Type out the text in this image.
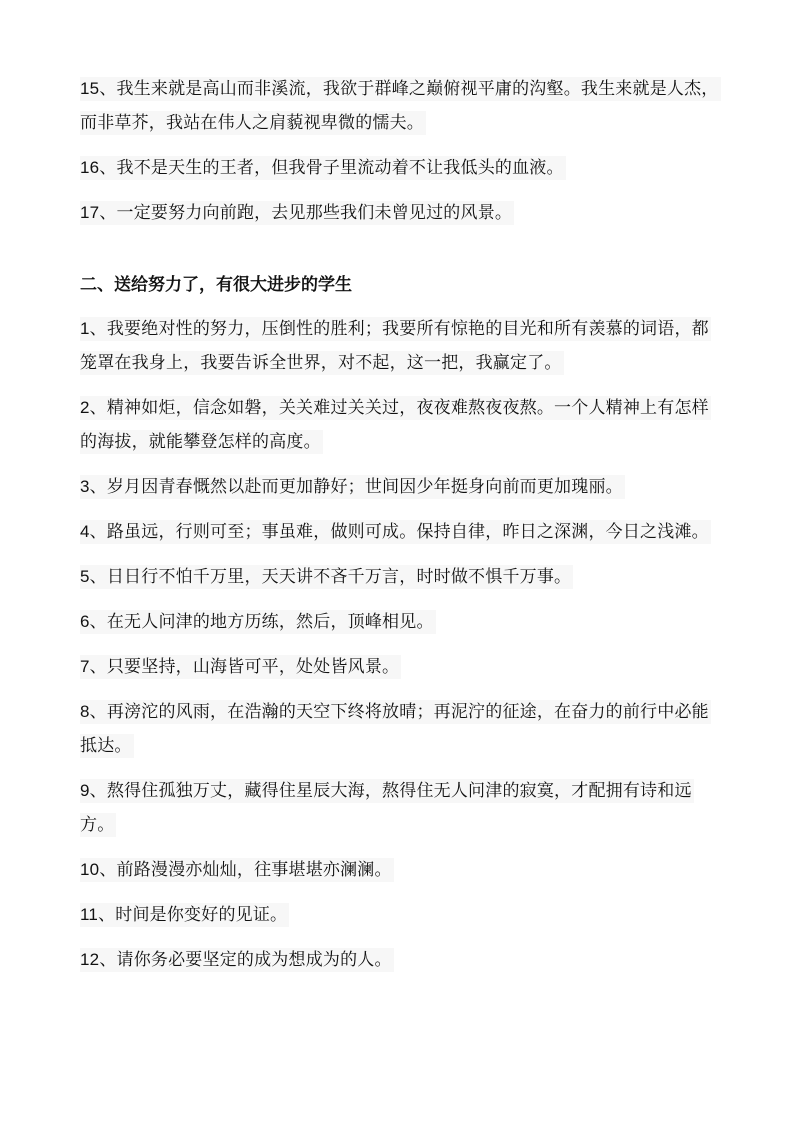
15、我生来就是高山而非溪流，我欲于群峰之巅俯视平庸的沟壑。我生来就是人杰，而非草芥，我站在伟人之肩藐视卑微的懦夫。

16、我不是天生的王者，但我骨子里流动着不让我低头的血液。

17、一定要努力向前跑，去见那些我们未曾见过的风景。

二、送给努力了，有很大进步的学生

1、我要绝对性的努力，压倒性的胜利；我要所有惊艳的目光和所有羡慕的词语，都笼罩在我身上，我要告诉全世界，对不起，这一把，我赢定了。

2、精神如炬，信念如磐，关关难过关关过，夜夜难熬夜夜熬。一个人精神上有怎样的海拔，就能攀登怎样的高度。

3、岁月因青春慨然以赴而更加静好；世间因少年挺身向前而更加瑰丽。

4、路虽远，行则可至；事虽难，做则可成。保持自律，昨日之深渊，今日之浅滩。

5、日日行不怕千万里，天天讲不吝千万言，时时做不惧千万事。

6、在无人问津的地方历练，然后，顶峰相见。

7、只要坚持，山海皆可平，处处皆风景。

8、再滂沱的风雨，在浩瀚的天空下终将放晴；再泥泞的征途，在奋力的前行中必能抵达。

9、熬得住孤独万丈，藏得住星辰大海，熬得住无人问津的寂寞，才配拥有诗和远方。

10、前路漫漫亦灿灿，往事堪堪亦澜澜。

11、时间是你变好的见证。

12、请你务必要坚定的成为想成为的人。
